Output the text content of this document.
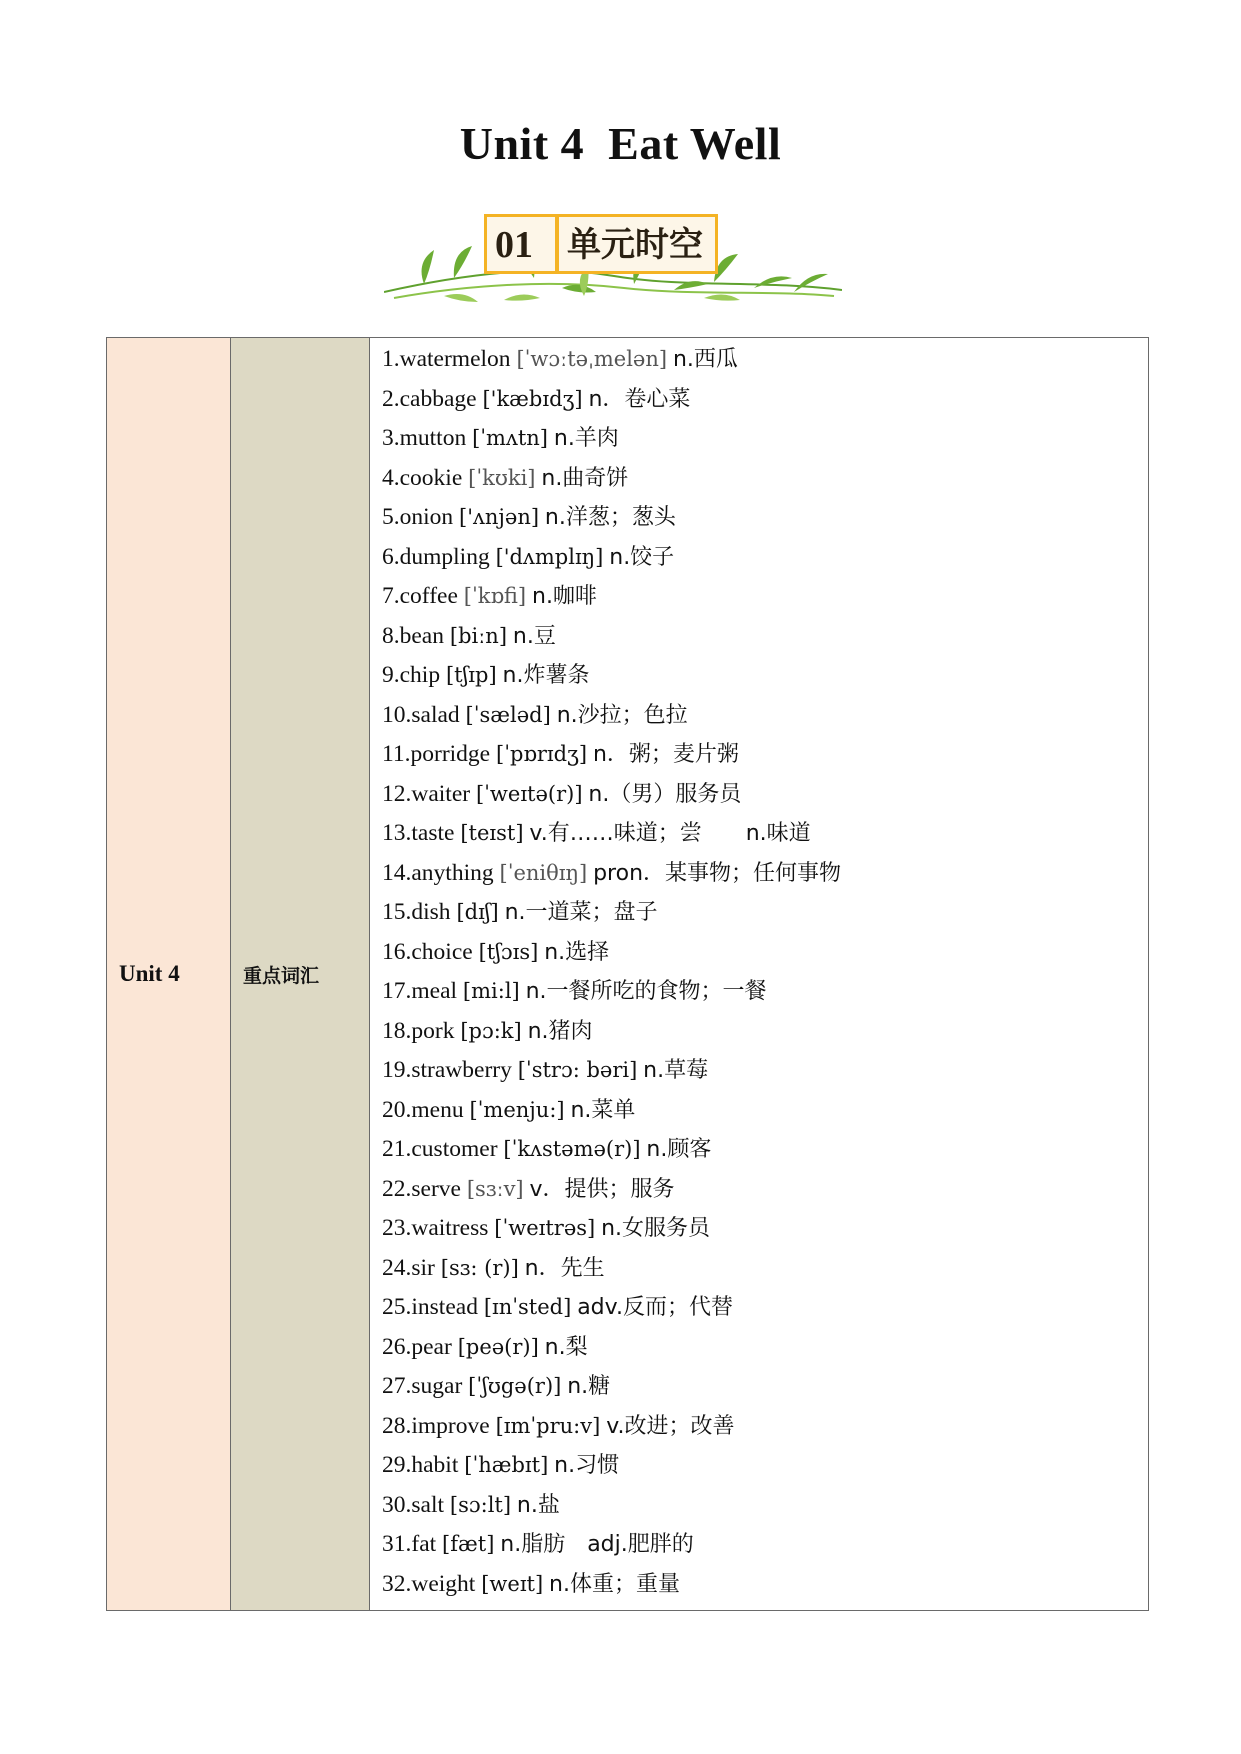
Unit 4  Eat Well
01 单元时空
Unit 4	重点词汇	
1.watermelon [ˈwɔːtəˌmelən] n.西瓜
2.cabbage ['kæbɪdʒ] n．卷心菜
3.mutton [ˈmʌtn] n.羊肉
4.cookie [ˈkʊki] n.曲奇饼
5.onion ['ʌnjən] n.洋葱；葱头
6.dumpling ['dʌmplɪŋ] n.饺子
7.coffee [ˈkɒfi] n.咖啡
8.bean [biːn] n.豆
9.chip [tʃɪp] n.炸薯条
10.salad [ˈsæləd] n.沙拉；色拉
11.porridge [ˈpɒrɪdʒ] n．粥；麦片粥
12.waiter [ˈweɪtə(r)] n.（男）服务员
13.taste [teɪst] v.有……味道；尝　　n.味道
14.anything [ˈeniθɪŋ] pron．某事物；任何事物
15.dish [dɪʃ] n.一道菜；盘子
16.choice [tʃɔɪs] n.选择
17.meal [mi:l] n.一餐所吃的食物；一餐
18.pork [pɔ:k] n.猪肉
19.strawberry [ˈstrɔ: bəri] n.草莓
20.menu [ˈmenju:] n.菜单
21.customer [ˈkʌstəmə(r)] n.顾客
22.serve [sɜːv] v．提供；服务
23.waitress [ˈweɪtrəs] n.女服务员
24.sir [sɜ: (r)] n．先生
25.instead [ɪnˈsted] adv.反而；代替
26.pear [peə(r)] n.梨
27.sugar [ˈʃʊgə(r)] n.糖
28.improve [ɪmˈpru:v] v.改进；改善
29.habit [ˈhæbɪt] n.习惯
30.salt [sɔ:lt] n.盐
31.fat [fæt] n.脂肪　adj.肥胖的
32.weight [weɪt] n.体重；重量
